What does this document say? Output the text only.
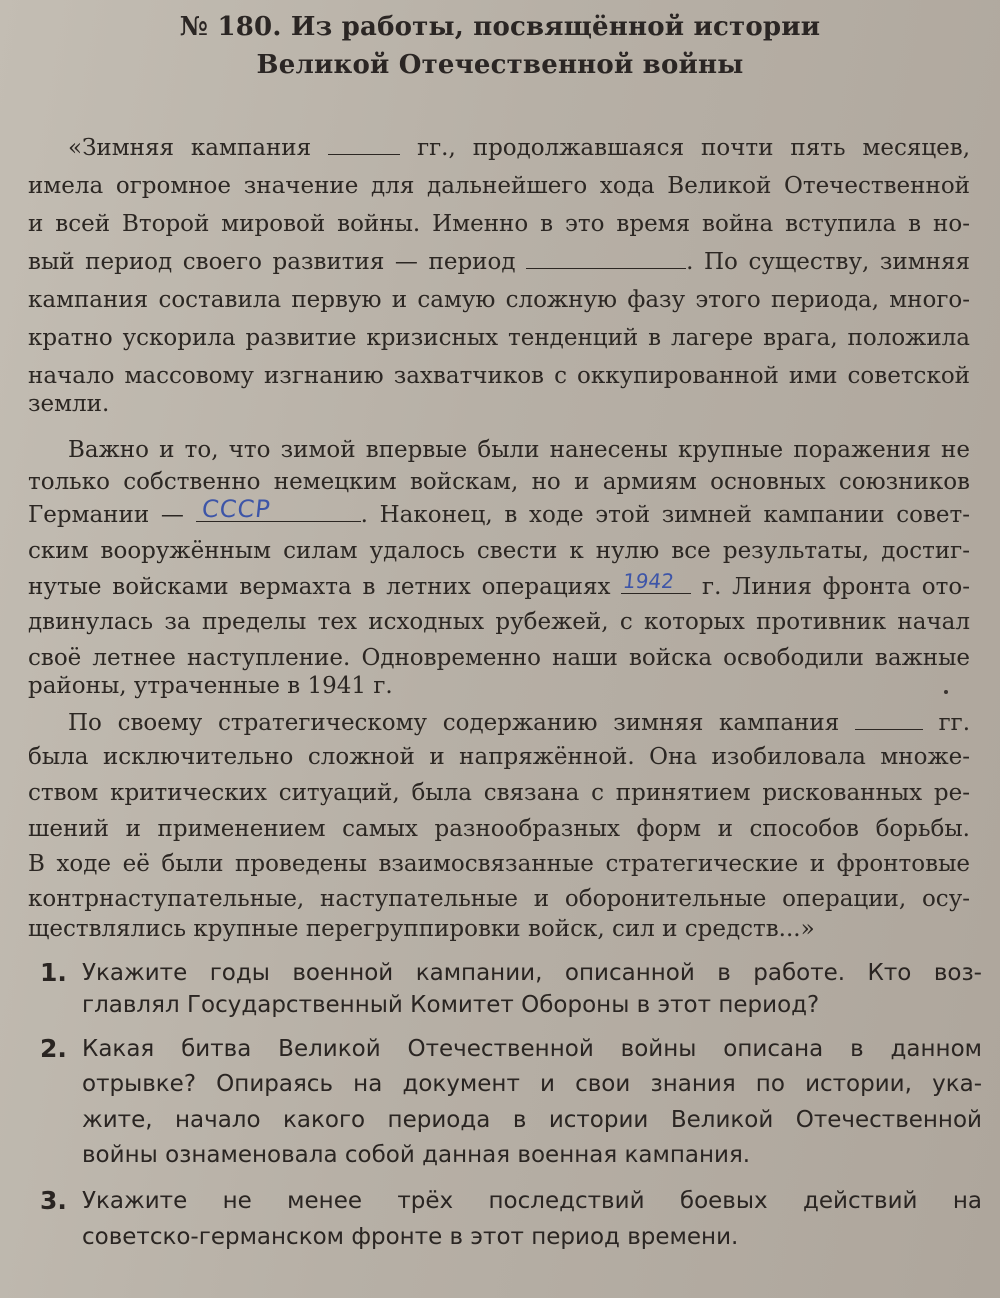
№ 180. Из работы, посвящённой истории
Великой Отечественной войны
«Зимняя кампания	гг., продолжавшаяся почти пять месяцев,
имела огромное значение для дальнейшего хода Великой Отечественной
и всей Второй мировой войны. Именно в это время война вступила в но-
вый период своего развития — период	. По существу, зимняя
кампания составила первую и самую сложную фазу этого периода, много-
кратно ускорила развитие кризисных тенденций в лагере врага, положила
начало массовому изгнанию захватчиков с оккупированной ими советской
земли.
Важно и то, что зимой впервые были нанесены крупные поражения не
только собственно немецким войскам, но и армиям основных союзников
Германии — СССР	. Наконец, в ходе этой зимней кампании совет-
ским вооружённым силам удалось свести к нулю все результаты, достиг-
нутые войсками вермахта в летних операциях 1942 г. Линия фронта ото-
двинулась за пределы тех исходных рубежей, с которых противник начал
своё летнее наступление. Одновременно наши войска освободили важные
районы, утраченные в 1941 г.
По своему стратегическому содержанию зимняя кампания	гг.
была исключительно сложной и напряжённой. Она изобиловала множе-
ством критических ситуаций, была связана с принятием рискованных ре-
шений и применением самых разнообразных форм и способов борьбы.
В ходе её были проведены взаимосвязанные стратегические и фронтовые
контрнаступательные, наступательные и оборонительные операции, осу-
ществлялись крупные перегруппировки войск, сил и средств...»
1. Укажите годы военной кампании, описанной в работе. Кто воз-
главлял Государственный Комитет Обороны в этот период?
2. Какая битва Великой Отечественной войны описана в данном
отрывке? Опираясь на документ и свои знания по истории, ука-
жите, начало какого периода в истории Великой Отечественной
войны ознаменовала собой данная военная кампания.
3. Укажите не менее трёх последствий боевых действий на
советско-германском фронте в этот период времени.
